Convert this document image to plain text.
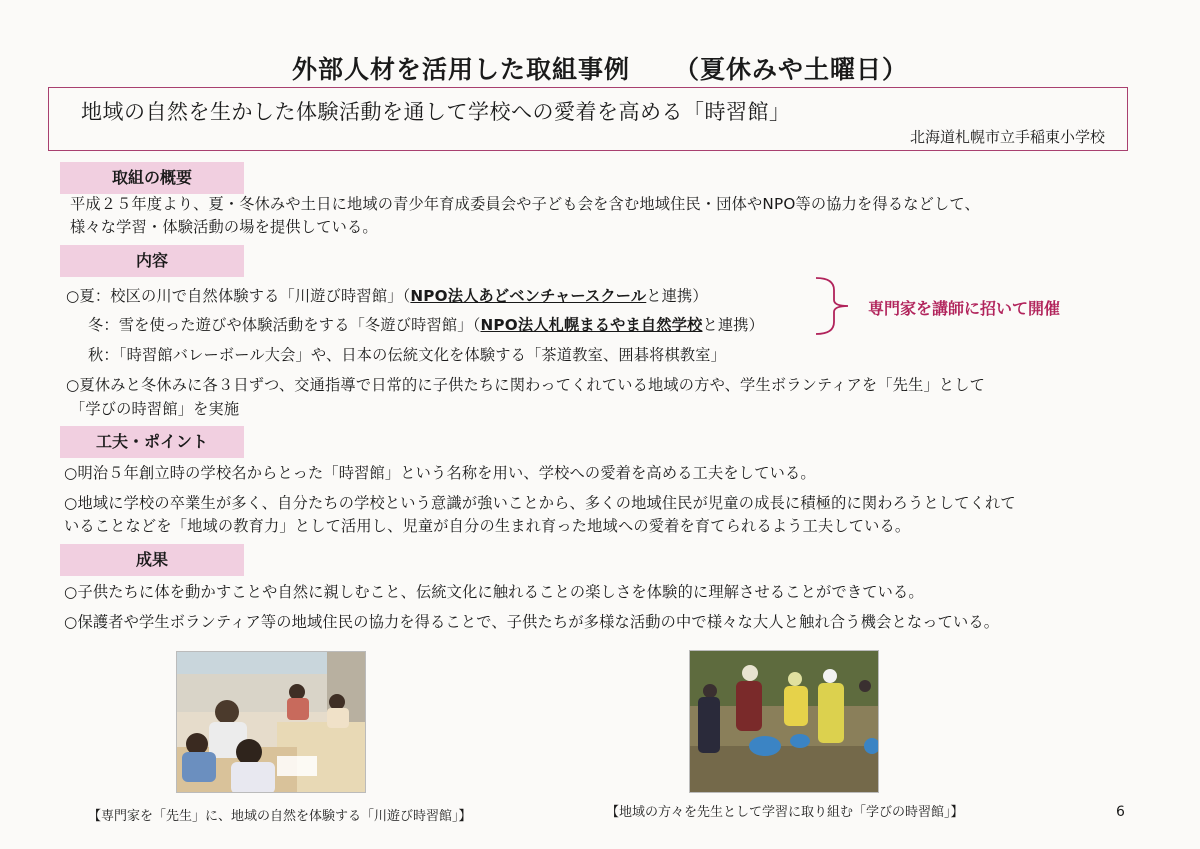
外部人材を活用した取組事例 （夏休みや土曜日）
地域の自然を生かした体験活動を通して学校への愛着を高める「時習館」
北海道札幌市立手稲東小学校
取組の概要
平成２５年度より、夏・冬休みや土日に地域の青少年育成委員会や子ども会を含む地域住民・団体やNPO等の協力を得るなどして、
様々な学習・体験活動の場を提供している。
内容
○夏：校区の川で自然体験する「川遊び時習館」（NPO法人あどベンチャースクールと連携）
冬：雪を使った遊びや体験活動をする「冬遊び時習館」（NPO法人札幌まるやま自然学校と連携）
秋：「時習館バレーボール大会」や、日本の伝統文化を体験する「茶道教室、囲碁将棋教室」
専門家を講師に招いて開催
○夏休みと冬休みに各３日ずつ、交通指導で日常的に子供たちに関わってくれている地域の方や、学生ボランティアを「先生」として
「学びの時習館」を実施
工夫・ポイント
○明治５年創立時の学校名からとった「時習館」という名称を用い、学校への愛着を高める工夫をしている。
○地域に学校の卒業生が多く、自分たちの学校という意識が強いことから、多くの地域住民が児童の成長に積極的に関わろうとしてくれて
いることなどを「地域の教育力」として活用し、児童が自分の生まれ育った地域への愛着を育てられるよう工夫している。
成果
○子供たちに体を動かすことや自然に親しむこと、伝統文化に触れることの楽しさを体験的に理解させることができている。
○保護者や学生ボランティア等の地域住民の協力を得ることで、子供たちが多様な活動の中で様々な大人と触れ合う機会となっている。
【専門家を「先生」に、地域の自然を体験する「川遊び時習館」】	【地域の方々を先生として学習に取り組む「学びの時習館」】	6
